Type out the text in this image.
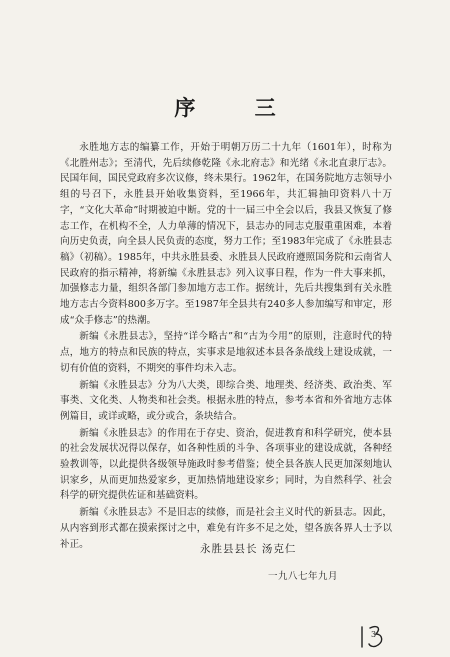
序 三

永胜地方志的编纂工作，开始于明朝万历二十九年（1601年），时称为《北胜州志》；至清代，先后续修乾隆《永北府志》和光绪《永北直隶厅志》。民国年间，国民党政府多次议修，终未果行。1962年，在国务院地方志领导小组的号召下，永胜县开始收集资料，至1966年，共汇辑抽印资料八十万字，“文化大革命”时期被迫中断。党的十一届三中全会以后，我县又恢复了修志工作，在机构不全，人力单薄的情况下，县志办的同志克服重重困难，本着向历史负责，向全县人民负责的态度，努力工作；至1983年完成了《永胜县志稿》（初稿）。1985年，中共永胜县委、永胜县人民政府遵照国务院和云南省人民政府的指示精神，将新编《永胜县志》列入议事日程，作为一件大事来抓，加强修志力量，组织各部门参加地方志工作。据统计，先后共搜集到有关永胜地方志古今资料800多万字。至1987年全县共有240多人参加编写和审定，形成“众手修志”的热潮。

新编《永胜县志》，坚持“详今略古”和“古为今用”的原则，注意时代的特点，地方的特点和民族的特点，实事求是地叙述本县各条战线上建设成就，一切有价值的资料，不期突的事件均未入志。

新编《永胜县志》分为八大类，即综合类、地理类、经济类、政治类、军事类、文化类、人物类和社会类。根据永胜的特点，参考本省和外省地方志体例篇目，或详或略，或分或合，条块结合。

新编《永胜县志》的作用在于存史、资治，促进教育和科学研究，使本县的社会发展状况得以保存，如各种性质的斗争、各项事业的建设成就，各种经验教训等，以此提供各级领导施政时参考借鉴；使全县各族人民更加深刻地认识家乡，从而更加热爱家乡，更加热情地建设家乡；同时，为自然科学、社会科学的研究提供佐证和基础资料。

新编《永胜县志》不是旧志的续修，而是社会主义时代的新县志。因此，从内容到形式都在摸索探讨之中，难免有许多不足之处，望各族各界人士予以补正。	永胜县县长 汤克仁
一九八七年九月
3
